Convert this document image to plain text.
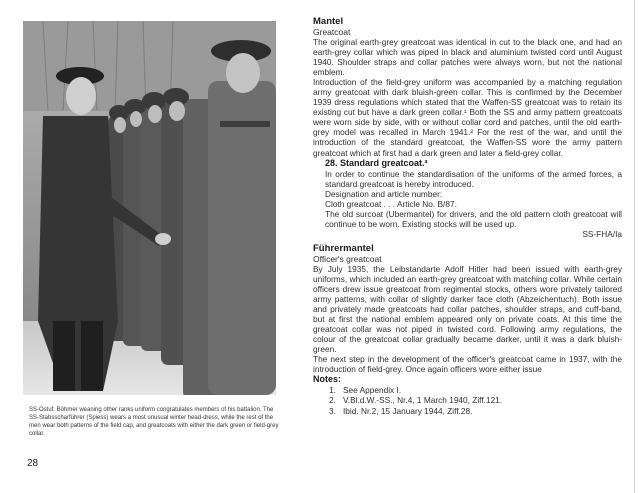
SS-Ostuf. Böhmer weaning other ranks uniform congratulates members of his battalion. The SS-Stabsscharführer (Spiess) wears a most unusual winter head-dress, while the rest of the men wear both patterns of the field cap, and greatcoats with either the dark green or field-grey collar.
28

Mantel

Greatcoat

The original earth-grey greatcoat was identical in cut to the black one, and had an earth-grey collar which was piped in black and aluminium twisted cord until August 1940. Shoulder straps and collar patches were always worn, but not the national emblem.

Introduction of the field-grey uniform was accompanied by a matching regulation army greatcoat with dark bluish-green collar. This is confirmed by the December 1939 dress regulations which stated that the Waffen-SS greatcoat was to retain its existing cut but have a dark green collar.¹ Both the SS and army pattern greatcoats were worn side by side, with or without collar cord and patches, until the old earth-grey model was recalled in March 1941.² For the rest of the war, and until the introduction of the standard greatcoat, the Waffen-SS wore the army pattern greatcoat which at first had a dark green and later a field-grey collar.

28. Standard greatcoat.³

In order to continue the standardisation of the uniforms of the armed forces, a standard greatcoat is hereby introduced.

Designation and article number:

Cloth greatcoat . . . Article No. B/87.

The old surcoat (Ubermantel) for drivers, and the old pattern cloth greatcoat will continue to be worn. Existing stocks will be used up.

SS-FHA/Ia

Führermantel

Officer's greatcoat

By July 1935, the Leibstandarte Adolf Hitler had been issued with earth-grey uniforms, which included an earth-grey greatcoat with matching collar. While certain officers drew issue greatcoat from regimental stocks, others wore privately tailored army patterns, with collar of slightly darker face cloth (Abzeichentuch). Both issue and privately made greatcoats had collar patches, shoulder straps, and cuff-band, but at first the national emblem appeared only on private coats. At this time the greatcoat collar was not piped in twisted cord. Following army regulations, the colour of the greatcoat collar gradually became darker, until it was a dark bluish-green.

The next step in the development of the officer's greatcoat came in 1937, with the introduction of field-grey. Once again officers wore either issue

Notes:

1. See Appendix I.
2. V.Bl.d.W.-SS., Nr.4, 1 March 1940, Ziff.121.
3. Ibid. Nr.2, 15 January 1944, Ziff.28.
